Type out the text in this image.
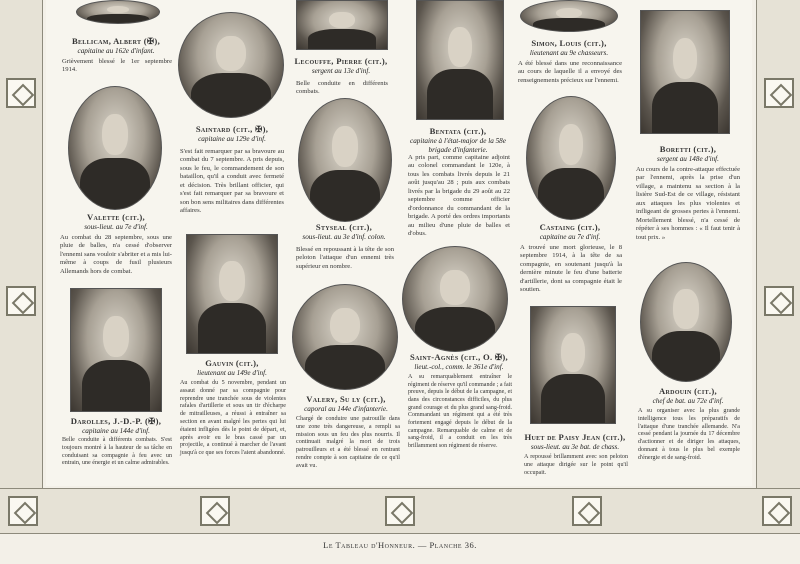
Bellicam, Albert (✠),
capitaine au 162e d'infant.
Grièvement blessé le 1er septembre 1914.
Saintard (cit., ✠),
capitaine au 129e d'inf.
S'est fait remarquer par sa bravoure au combat du 7 septembre. A pris depuis, sous le feu, le commandement de son bataillon, qu'il a conduit avec fermeté et décision. Très brillant officier, qui s'est fait remarquer par sa bravoure et son bon sens militaires dans différentes affaires.
Lecouffe, Pierre (cit.),
sergent au 13e d'inf.
Belle conduite en différents combats.
Bentata (cit.),
capitaine à l'état-major de la 58e brigade d'infanterie.
A pris part, comme capitaine adjoint au colonel commandant le 120e, à tous les combats livrés depuis le 21 août jusqu'au 28 ; puis aux combats livrés par la brigade du 29 août au 22 septembre comme officier d'ordonnance du commandant de la brigade. A porté des ordres importants au milieu d'une pluie de balles et d'obus.
Simon, Louis (cit.),
lieutenant au 9e chasseurs.
A été blessé dans une reconnaissance au cours de laquelle il a envoyé des renseignements précieux sur l'ennemi.
Boretti (cit.),
sergent au 148e d'inf.
Au cours de la contre-attaque effectuée par l'ennemi, après la prise d'un village, a maintenu sa section à la lisière Sud-Est de ce village, résistant aux attaques les plus violentes et infligeant de grosses pertes à l'ennemi. Mortellement blessé, n'a cessé de répéter à ses hommes : « Il faut tenir à tout prix. »
Valette (cit.),
sous-lieut. au 7e d'inf.
Au combat du 28 septembre, sous une pluie de balles, n'a cessé d'observer l'ennemi sans vouloir s'abriter et a mis lui-même à coups de fusil plusieurs Allemands hors de combat.
Styseal (cit.),
sous-lieut. au 3e d'inf. colon.
Blessé en repoussant à la tête de son peloton l'attaque d'un ennemi très supérieur en nombre.
Castaing (cit.),
capitaine au 7e d'inf.
A trouvé une mort glorieuse, le 8 septembre 1914, à la tête de sa compagnie, en soutenant jusqu'à la dernière minute le feu d'une batterie d'artillerie, dont sa compagnie était le soutien.
Darolles, J.-D.-P. (✠),
capitaine au 144e d'inf.
Belle conduite à différents combats. S'est toujours montré à la hauteur de sa tâche en conduisant sa compagnie à feu avec un entrain, une énergie et un calme admirables.
Gauvin (cit.),
lieutenant au 149e d'inf.
Au combat du 5 novembre, pendant un assaut donné par sa compagnie pour reprendre une tranchée sous de violentes rafales d'artillerie et sous un tir d'écharpe de mitrailleuses, a réussi à entraîner sa section en avant malgré les pertes qui lui étaient infligées dès le point de départ, et, après avoir eu le bras cassé par un projectile, a continué à marcher de l'avant jusqu'à ce que ses forces l'aient abandonné.
Valery, Su ly (cit.),
caporal au 144e d'infanterie.
Chargé de conduire une patrouille dans une zone très dangereuse, a rempli sa mission sous un feu des plus nourris. Il continuait malgré la mort de trois patrouilleurs et a été blessé en rentrant rendre compte à son capitaine de ce qu'il avait vu.
Saint-Agnès (cit., O. ✠),
lieut.-col., comm. le 361e d'inf.
A su remarquablement entraîner le régiment de réserve qu'il commande ; a fait preuve, depuis le début de la campagne, et dans des circonstances difficiles, du plus grand courage et du plus grand sang-froid. Commandant un régiment qui a été très fortement engagé depuis le début de la campagne. Remarquable de calme et de sang-froid, il a conduit en les très brillamment son régiment de réserve.
Huet de Paisy Jean (cit.),
sous-lieut. au 3e bat. de chass.
A repoussé brillamment avec son peloton une attaque dirigée sur le point qu'il occupait.
Ardouin (cit.),
chef de bat. au 72e d'inf.
A su organiser avec la plus grande intelligence tous les préparatifs de l'attaque d'une tranchée allemande. N'a cessé pendant la journée du 17 décembre d'actionner et de diriger les attaques, donnant à tous le plus bel exemple d'énergie et de sang-froid.
Le Tableau d'Honneur. — Planche 36.
